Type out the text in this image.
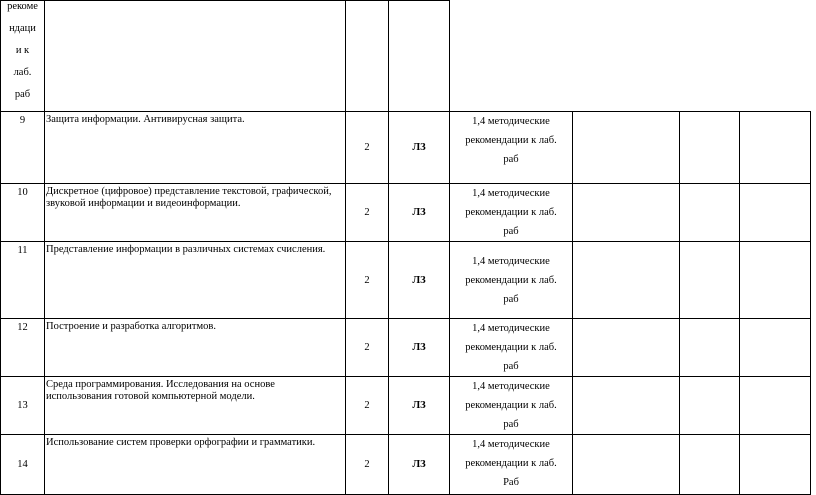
рекоме
ндаци
и к
лаб.
раб							

9	Защита информации. Антивирусная защита.	2	ЛЗ	1,4 методические
рекомендации к лаб.
раб			

10	Дискретное (цифровое) представление текстовой, графической, звуковой информации и видеоинформации.	2	ЛЗ	1,4 методические
рекомендации к лаб.
раб			

11	Представление информации в различных системах счисления.	2	ЛЗ	1,4 методические
рекомендации к лаб.
раб			

12	Построение и разработка алгоритмов.	2	ЛЗ	1,4 методические
рекомендации к лаб.
раб			

13	Среда программирования. Исследования на основе использования готовой компьютерной модели.	2	ЛЗ	1,4 методические
рекомендации к лаб.
раб			

14	Использование систем проверки орфографии и грамматики.	2	ЛЗ	1,4 методические
рекомендации к лаб.
Раб			
